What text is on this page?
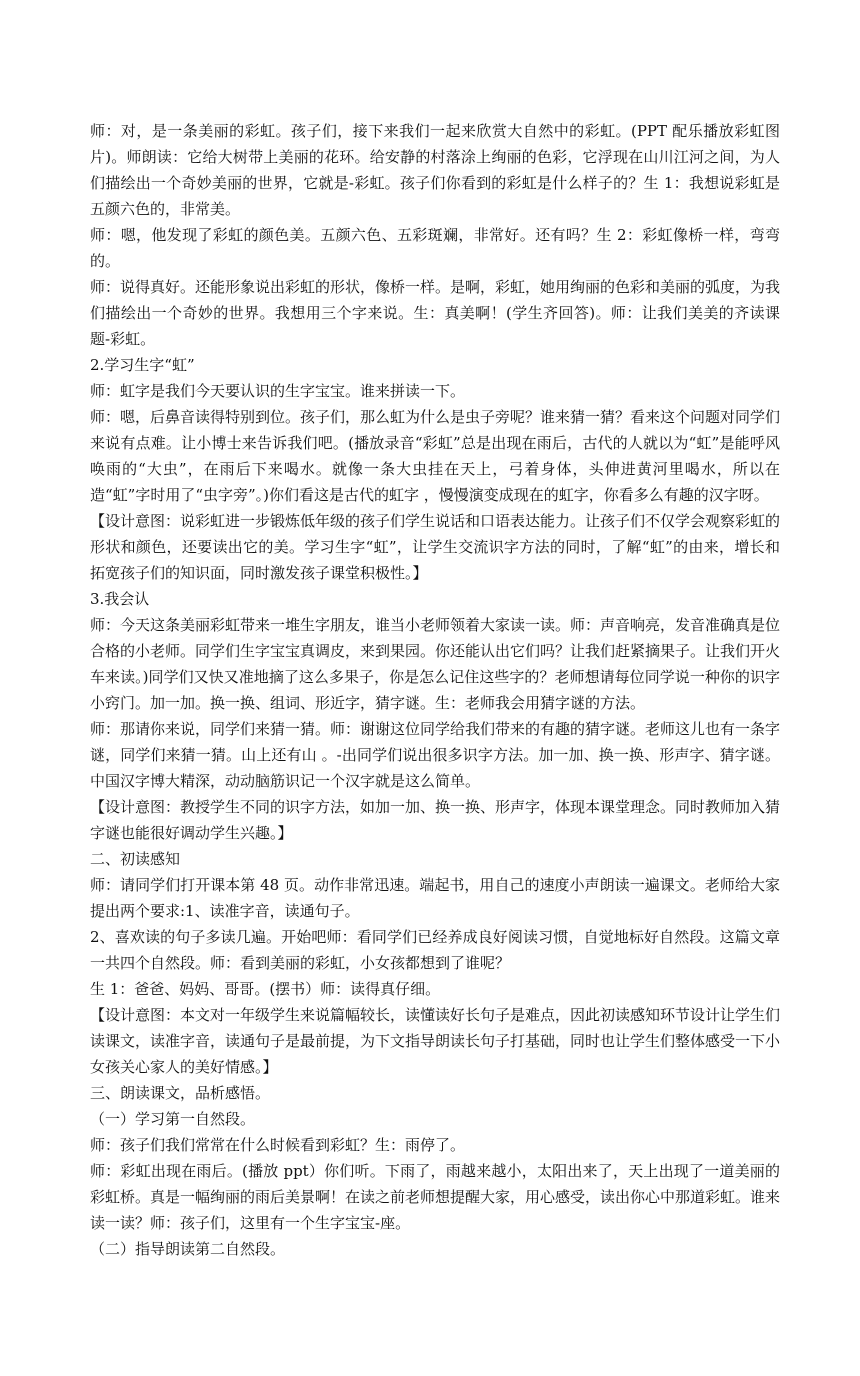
师：对，是一条美丽的彩虹。孩子们，接下来我们一起来欣赏大自然中的彩虹。(PPT 配乐播放彩虹图片)。师朗读：它给大树带上美丽的花环。给安静的村落涂上绚丽的色彩，它浮现在山川江河之间，为人们描绘出一个奇妙美丽的世界，它就是-彩虹。孩子们你看到的彩虹是什么样子的？生 1：我想说彩虹是五颜六色的，非常美。

师：嗯，他发现了彩虹的颜色美。五颜六色、五彩斑斓，非常好。还有吗？生 2：彩虹像桥一样，弯弯的。

师：说得真好。还能形象说出彩虹的形状，像桥一样。是啊，彩虹，她用绚丽的色彩和美丽的弧度，为我们描绘出一个奇妙的世界。我想用三个字来说。生：真美啊！(学生齐回答)。师：让我们美美的齐读课题-彩虹。

2.学习生字“虹”

师：虹字是我们今天要认识的生字宝宝。谁来拼读一下。

师：嗯，后鼻音读得特别到位。孩子们，那么虹为什么是虫子旁呢？谁来猜一猜？看来这个问题对同学们来说有点难。让小博士来告诉我们吧。(播放录音“彩虹”总是出现在雨后，古代的人就以为“虹”是能呼风唤雨的“大虫”，在雨后下来喝水。就像一条大虫挂在天上，弓着身体，头伸进黄河里喝水，所以在造“虹”字时用了“虫字旁”。)你们看这是古代的虹字 ，慢慢演变成现在的虹字，你看多么有趣的汉字呀。

【设计意图：说彩虹进一步锻炼低年级的孩子们学生说话和口语表达能力。让孩子们不仅学会观察彩虹的形状和颜色，还要读出它的美。学习生字“虹”，让学生交流识字方法的同时，了解“虹”的由来，增长和拓宽孩子们的知识面，同时激发孩子课堂积极性。】

3.我会认

师：今天这条美丽彩虹带来一堆生字朋友，谁当小老师领着大家读一读。师：声音响亮，发音准确真是位合格的小老师。同学们生字宝宝真调皮，来到果园。你还能认出它们吗？让我们赶紧摘果子。让我们开火车来读。)同学们又快又准地摘了这么多果子，你是怎么记住这些字的？老师想请每位同学说一种你的识字小窍门。加一加。换一换、组词、形近字，猜字谜。生：老师我会用猜字谜的方法。

师：那请你来说，同学们来猜一猜。师：谢谢这位同学给我们带来的有趣的猜字谜。老师这儿也有一条字谜，同学们来猜一猜。山上还有山 。-出同学们说出很多识字方法。加一加、换一换、形声字、猜字谜。中国汉字博大精深，动动脑筋识记一个汉字就是这么简单。

【设计意图：教授学生不同的识字方法，如加一加、换一换、形声字，体现本课堂理念。同时教师加入猜字谜也能很好调动学生兴趣。】

二、初读感知

师：请同学们打开课本第 48 页。动作非常迅速。端起书，用自己的速度小声朗读一遍课文。老师给大家提出两个要求:1、读准字音，读通句子。

2、喜欢读的句子多读几遍。开始吧师：看同学们已经养成良好阅读习惯，自觉地标好自然段。这篇文章 一共四个自然段。师：看到美丽的彩虹，小女孩都想到了谁呢？

生 1：爸爸、妈妈、哥哥。(摆书）师：读得真仔细。

【设计意图：本文对一年级学生来说篇幅较长，读懂读好长句子是难点，因此初读感知环节设计让学生们读课文，读准字音，读通句子是最前提，为下文指导朗读长句子打基础，同时也让学生们整体感受一下小女孩关心家人的美好情感。】

三、朗读课文，品析感悟。

（一）学习第一自然段。

师：孩子们我们常常在什么时候看到彩虹？生：雨停了。

师：彩虹出现在雨后。(播放 ppt）你们听。下雨了，雨越来越小，太阳出来了，天上出现了一道美丽的彩虹桥。真是一幅绚丽的雨后美景啊！在读之前老师想提醒大家，用心感受，读出你心中那道彩虹。谁来读一读？师：孩子们，这里有一个生字宝宝-座。

（二）指导朗读第二自然段。
